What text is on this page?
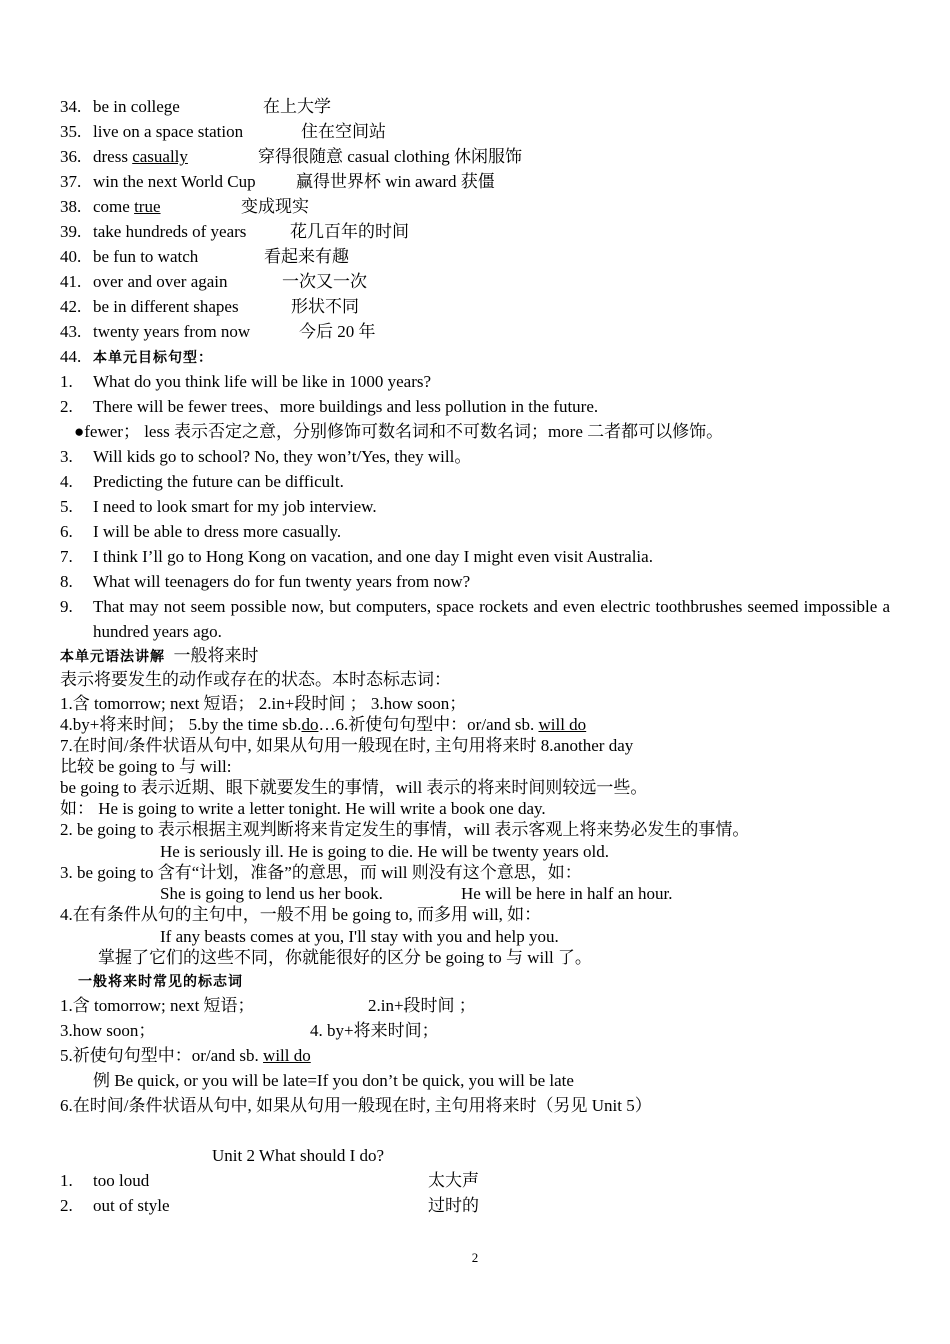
34. be in college	在上大学
35. live on a space station	住在空间站
36. dress casually	穿得很随意 casual clothing 休闲服饰
37. win the next World Cup 赢得世界杯 win award 获僵
38. come true	变成现实
39. take hundreds of years	花几百年的时间
40. be fun to watch	看起来有趣
41. over and over again	一次又一次
42. be in different shapes	形状不同
43. twenty years from now	今后 20 年
44. 本单元目标句型：
1. What do you think life will be like in 1000 years?
2. There will be fewer trees、more buildings and less pollution in the future.
●fewer； less 表示否定之意，分别修饰可数名词和不可数名词；more 二者都可以修饰。
3. Will kids go to school? No, they won’t/Yes, they will。
4. Predicting the future can be difficult.
5. I need to look smart for my job interview.
6. I will be able to dress more casually.
7. I think I’ll go to Hong Kong on vacation, and one day I might even visit Australia.
8. What will teenagers do for fun twenty years from now?
9.	That may not seem possible now, but computers, space rockets and even electric toothbrushes seemed impossible a hundred years ago.
本单元语法讲解 一般将来时
表示将要发生的动作或存在的状态。本时态标志词：
1.含 tomorrow; next 短语； 2.in+段时间 ； 3.how soon；
4.by+将来时间； 5.by the time sb.do…6.祈使句句型中：or/and sb. will do
7.在时间/条件状语从句中, 如果从句用一般现在时, 主句用将来时 8.another day
比较 be going to 与 will:
be going to 表示近期、眼下就要发生的事情，will 表示的将来时间则较远一些。
如： He is going to write a letter tonight. He will write a book one day.
2. be going to 表示根据主观判断将来肯定发生的事情，will 表示客观上将来势必发生的事情。
He is seriously ill. He is going to die. He will be twenty years old.
3. be going to 含有“计划，准备”的意思，而 will 则没有这个意思，如：
She is going to lend us her book.	He will be here in half an hour.
4.在有条件从句的主句中，一般不用 be going to, 而多用 will, 如：
If any beasts comes at you, I'll stay with you and help you.
掌握了它们的这些不同，你就能很好的区分 be going to 与 will 了。
一般将来时常见的标志词
1.含 tomorrow; next 短语；	2.in+段时间 ；
3.how soon；	4. by+将来时间；
5.祈使句句型中：or/and sb. will do
例 Be quick, or you will be late=If you don’t be quick, you will be late
6.在时间/条件状语从句中, 如果从句用一般现在时, 主句用将来时（另见 Unit 5）
Unit 2 What should I do?
1. too loud	太大声
2. out of style	过时的
2
